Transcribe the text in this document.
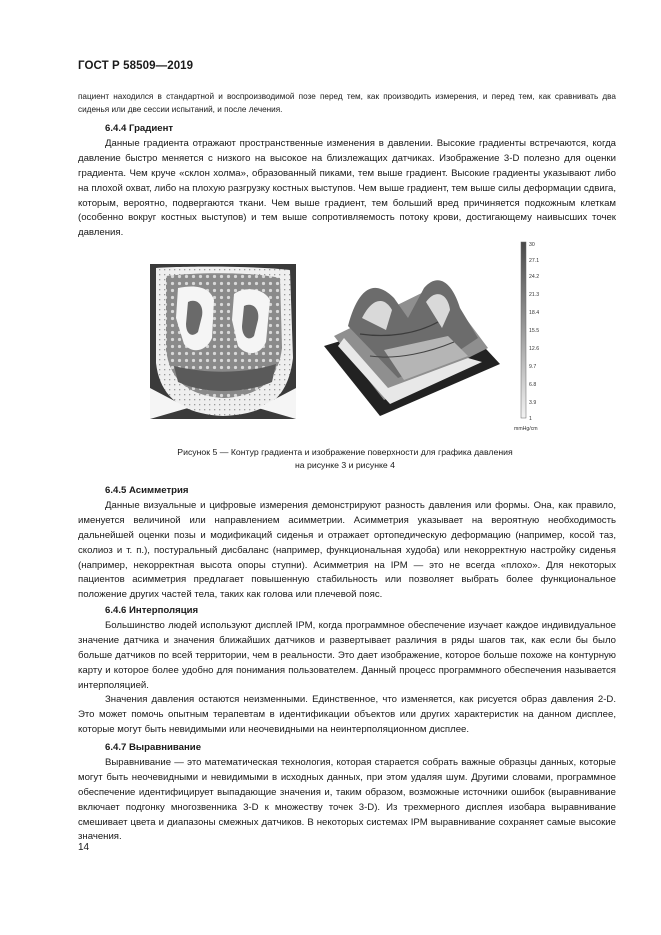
ГОСТ Р 58509—2019

пациент находился в стандартной и воспроизводимой позе перед тем, как производить измерения, и перед тем, как сравнивать два сиденья или две сессии испытаний, и после лечения.

6.4.4 Градиент

Данные градиента отражают пространственные изменения в давлении. Высокие градиенты встречаются, когда давление быстро меняется с низкого на высокое на близлежащих датчиках. Изображение 3-D полезно для оценки градиента. Чем круче «склон холма», образованный пиками, тем выше градиент. Высокие градиенты указывают либо на плохой охват, либо на плохую разгрузку костных выступов. Чем выше градиент, тем выше силы деформации сдвига, которым, вероятно, подвергаются ткани. Чем выше градиент, тем больший вред причиняется подкожным клеткам (особенно вокруг костных выступов) и тем выше сопротивляемость потоку крови, достигающему наивысших точек давления.

30
27.1
24.2
21.3
18.4
15.5
12.6
9.7
6.8
3.9
1
mmHg/cm
Рисунок 5 — Контур градиента и изображение поверхности для графика давления
на рисунке 3 и рисунке 4
6.4.5 Асимметрия

Данные визуальные и цифровые измерения демонстрируют разность давления или формы. Она, как правило, именуется величиной или направлением асимметрии. Асимметрия указывает на вероятную необходимость дальнейшей оценки позы и модификаций сиденья и отражает ортопедическую деформацию (например, косой таз, сколиоз и т. п.), постуральный дисбаланс (например, функциональная худоба) или некорректную настройку сиденья (например, некорректная высота опоры ступни). Асимметрия на IPM — это не всегда «плохо». Для некоторых пациентов асимметрия предлагает повышенную стабильность или позволяет выбрать более функциональное положение других частей тела, таких как голова или плечевой пояс.

6.4.6 Интерполяция

Большинство людей используют дисплей IPM, когда программное обеспечение изучает каждое индивидуальное значение датчика и значения ближайших датчиков и развертывает различия в ряды шагов так, как если бы было больше датчиков по всей территории, чем в реальности. Это дает изображение, которое больше похоже на контурную карту и которое более удобно для понимания пользователем. Данный процесс программного обеспечения называется интерполяцией.

Значения давления остаются неизменными. Единственное, что изменяется, как рисуется образ давления 2-D. Это может помочь опытным терапевтам в идентификации объектов или других характеристик на данном дисплее, которые могут быть невидимыми или неочевидными на неинтерполяционном дисплее.

6.4.7 Выравнивание

Выравнивание — это математическая технология, которая старается собрать важные образцы данных, которые могут быть неочевидными и невидимыми в исходных данных, при этом удаляя шум. Другими словами, программное обеспечение идентифицирует выпадающие значения и, таким образом, возможные источники ошибок (выравнивание включает подгонку многозвенника 3-D к множеству точек 3-D). Из трехмерного дисплея изобара выравнивание смешивает цвета и диапазоны смежных датчиков. В некоторых системах IPM выравнивание сохраняет самые высокие значения.

14
